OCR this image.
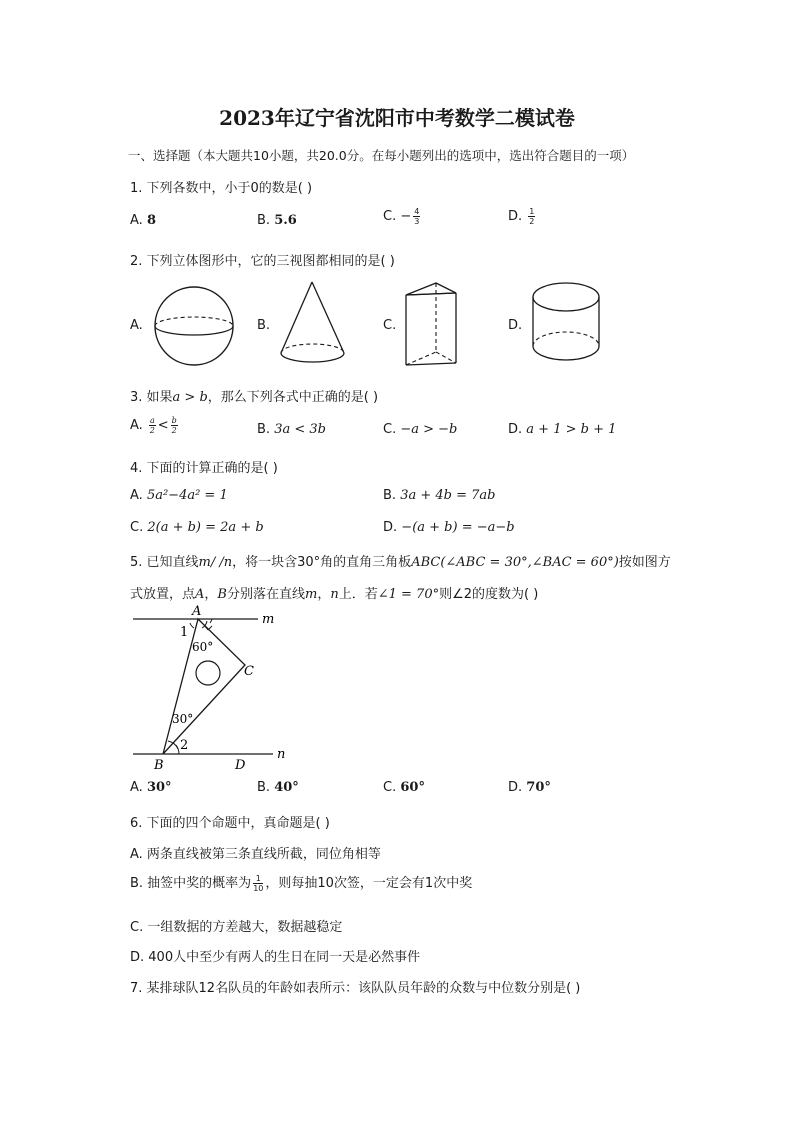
2023年辽宁省沈阳市中考数学二模试卷
一、选择题（本大题共10小题，共20.0分。在每小题列出的选项中，选出符合题目的一项）
1. 下列各数中，小于0的数是( )
A. 8	B. 5.6	C. − $\frac{4}{3}$	D. $\frac{1}{2}$
2. 下列立体图形中，它的三视图都相同的是( )
A.	B.	C.	D.
3. 如果a > b，那么下列各式中正确的是( )
A. $\frac{a}{2} < \frac{b}{2}$	B. 3a < 3b	C. −a > −b	D. a + 1 > b + 1
4. 下面的计算正确的是( )
A. 5a²−4a² = 1	B. 3a + 4b = 7ab
C. 2(a + b) = 2a + b	D. −(a + b) = −a−b
5. 已知直线m/ /n，将一块含30°角的直角三角板ABC(∠ABC = 30°,∠BAC = 60°)按如图方
式放置，点A，B分别落在直线m，n上．若∠1 = 70°则∠2的度数为( )
A
m
1
60°
C
30°
2
B	D
n
A. 30°	B. 40°	C. 60°	D. 70°
6. 下面的四个命题中，真命题是( )
A. 两条直线被第三条直线所截，同位角相等
B. 抽签中奖的概率为 $\frac{1}{10}$ ，则每抽10次签，一定会有1次中奖
C. 一组数据的方差越大，数据越稳定
D. 400人中至少有两人的生日在同一天是必然事件
7. 某排球队12名队员的年龄如表所示：该队队员年龄的众数与中位数分别是( )
